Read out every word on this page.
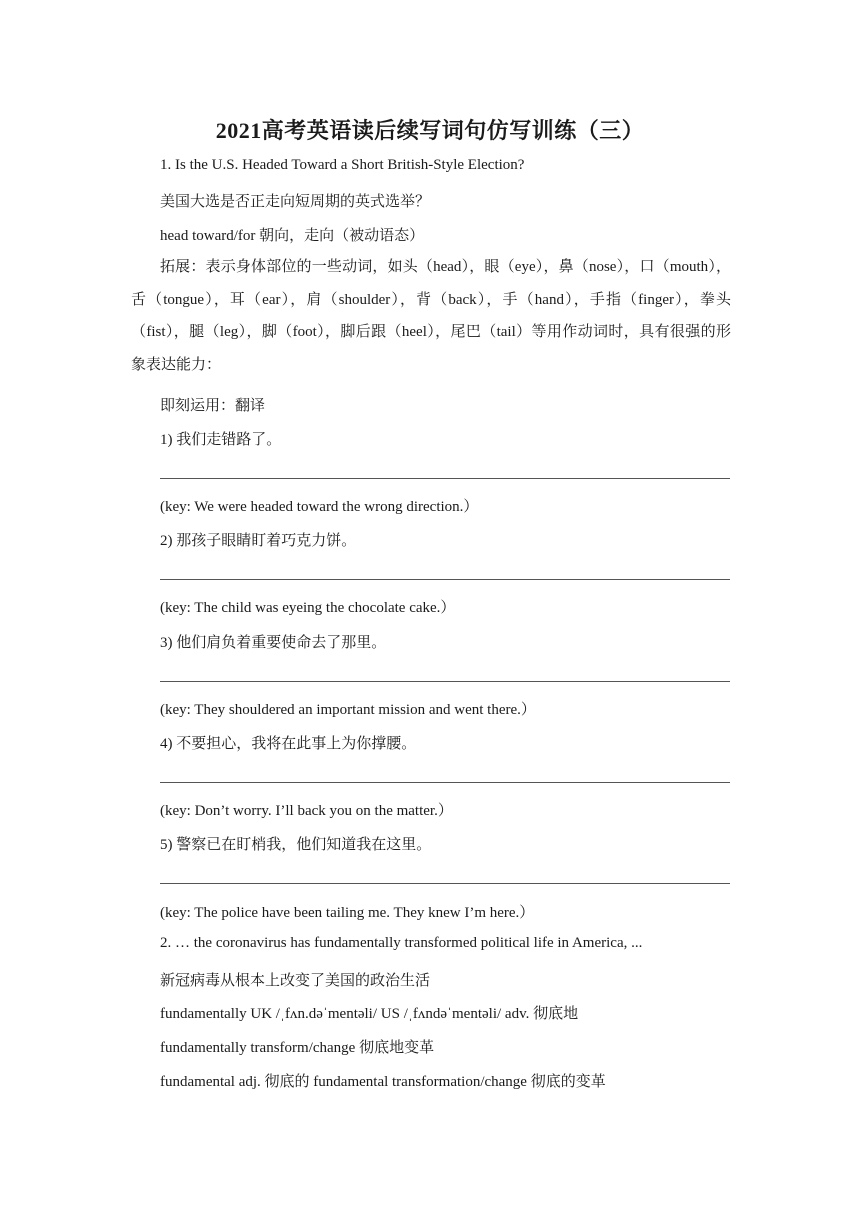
2021高考英语读后续写词句仿写训练（三）
1. Is the U.S. Headed Toward a Short British-Style Election?
美国大选是否正走向短周期的英式选举？
head toward/for 朝向，走向（被动语态）
拓展：表示身体部位的一些动词，如头（head），眼（eye），鼻（nose），口（mouth），舌（tongue），耳（ear），肩（shoulder），背（back），手（hand），手指（finger），拳头（fist），腿（leg），脚（foot），脚后跟（heel），尾巴（tail）等用作动词时，具有很强的形象表达能力：
即刻运用：翻译
1) 我们走错路了。
(key: We were headed toward the wrong direction.）
2) 那孩子眼睛盯着巧克力饼。
(key: The child was eyeing the chocolate cake.）
3) 他们肩负着重要使命去了那里。
(key: They shouldered an important mission and went there.）
4) 不要担心，我将在此事上为你撑腰。
(key: Don’t worry. I’ll back you on the matter.）
5) 警察已在盯梢我，他们知道我在这里。
(key: The police have been tailing me. They knew I’m here.）
2. … the coronavirus has fundamentally transformed political life in America, ...
新冠病毒从根本上改变了美国的政治生活
fundamentally UK /ˌfʌn.dəˈmentəli/ US /ˌfʌndəˈmentəli/ adv. 彻底地
fundamentally transform/change 彻底地变革
fundamental adj. 彻底的 fundamental transformation/change 彻底的变革
